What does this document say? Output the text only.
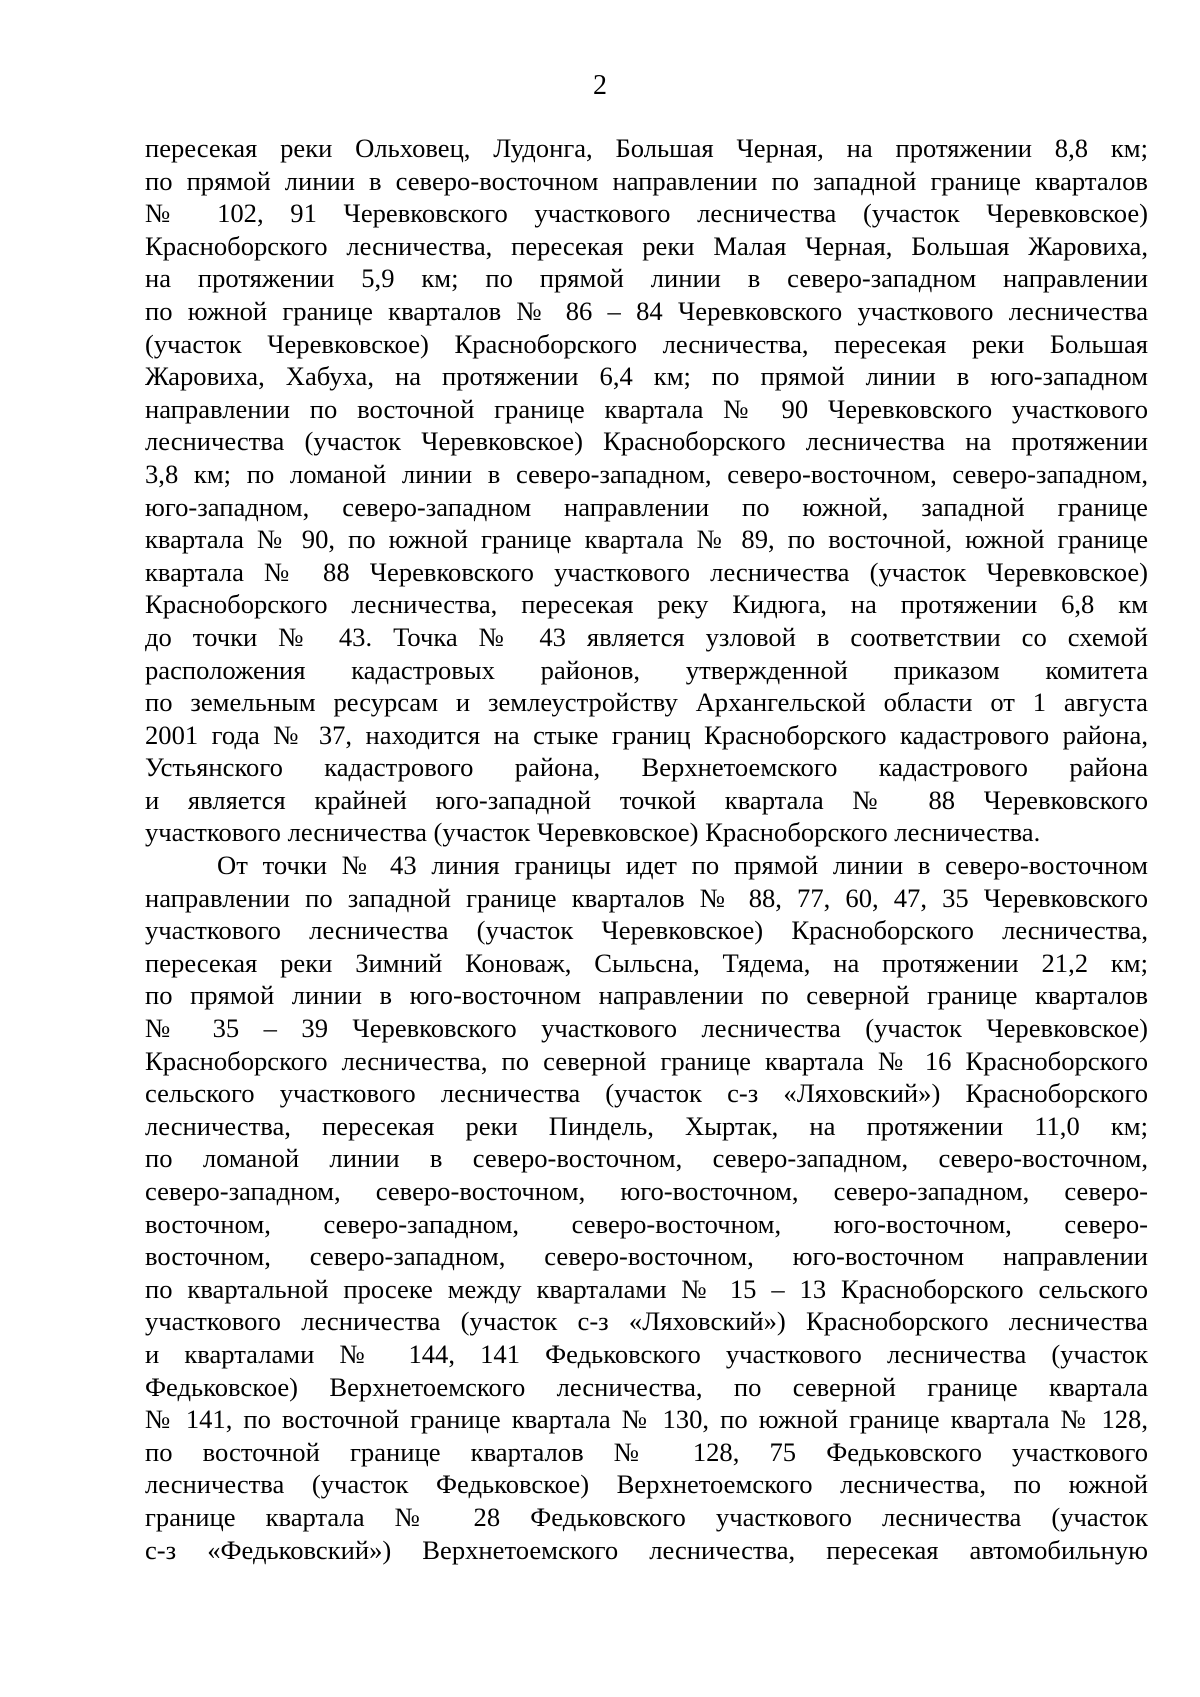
2
пересекая реки Ольховец, Лудонга, Большая Черная, на протяжении 8,8 км;
по прямой линии в северо-восточном направлении по западной границе кварталов
№ 102, 91 Черевковского участкового лесничества (участок Черевковское)
Красноборского лесничества, пересекая реки Малая Черная, Большая Жаровиха,
на протяжении 5,9 км; по прямой линии в северо-западном направлении
по южной границе кварталов № 86 – 84 Черевковского участкового лесничества
(участок Черевковское) Красноборского лесничества, пересекая реки Большая
Жаровиха, Хабуха, на протяжении 6,4 км; по прямой линии в юго-западном
направлении по восточной границе квартала № 90 Черевковского участкового
лесничества (участок Черевковское) Красноборского лесничества на протяжении
3,8 км; по ломаной линии в северо-западном, северо-восточном, северо-западном,
юго-западном, северо-западном направлении по южной, западной границе
квартала № 90, по южной границе квартала № 89, по восточной, южной границе
квартала № 88 Черевковского участкового лесничества (участок Черевковское)
Красноборского лесничества, пересекая реку Кидюга, на протяжении 6,8 км
до точки № 43. Точка № 43 является узловой в соответствии со схемой
расположения кадастровых районов, утвержденной приказом комитета
по земельным ресурсам и землеустройству Архангельской области от 1 августа
2001 года № 37, находится на стыке границ Красноборского кадастрового района,
Устьянского кадастрового района, Верхнетоемского кадастрового района
и является крайней юго-западной точкой квартала № 88 Черевковского
участкового лесничества (участок Черевковское) Красноборского лесничества.
От точки № 43 линия границы идет по прямой линии в северо-восточном
направлении по западной границе кварталов № 88, 77, 60, 47, 35 Черевковского
участкового лесничества (участок Черевковское) Красноборского лесничества,
пересекая реки Зимний Коноваж, Сыльсна, Тядема, на протяжении 21,2 км;
по прямой линии в юго-восточном направлении по северной границе кварталов
№ 35 – 39 Черевковского участкового лесничества (участок Черевковское)
Красноборского лесничества, по северной границе квартала № 16 Красноборского
сельского участкового лесничества (участок с-з «Ляховский») Красноборского
лесничества, пересекая реки Пиндель, Хыртак, на протяжении 11,0 км;
по ломаной линии в северо-восточном, северо-западном, северо-восточном,
северо-западном, северо-восточном, юго-восточном, северо-западном, северо-
восточном, северо-западном, северо-восточном, юго-восточном, северо-
восточном, северо-западном, северо-восточном, юго-восточном направлении
по квартальной просеке между кварталами № 15 – 13 Красноборского сельского
участкового лесничества (участок с-з «Ляховский») Красноборского лесничества
и кварталами № 144, 141 Федьковского участкового лесничества (участок
Федьковское) Верхнетоемского лесничества, по северной границе квартала
№ 141, по восточной границе квартала № 130, по южной границе квартала № 128,
по восточной границе кварталов № 128, 75 Федьковского участкового
лесничества (участок Федьковское) Верхнетоемского лесничества, по южной
границе квартала № 28 Федьковского участкового лесничества (участок
с-з «Федьковский») Верхнетоемского лесничества, пересекая автомобильную
